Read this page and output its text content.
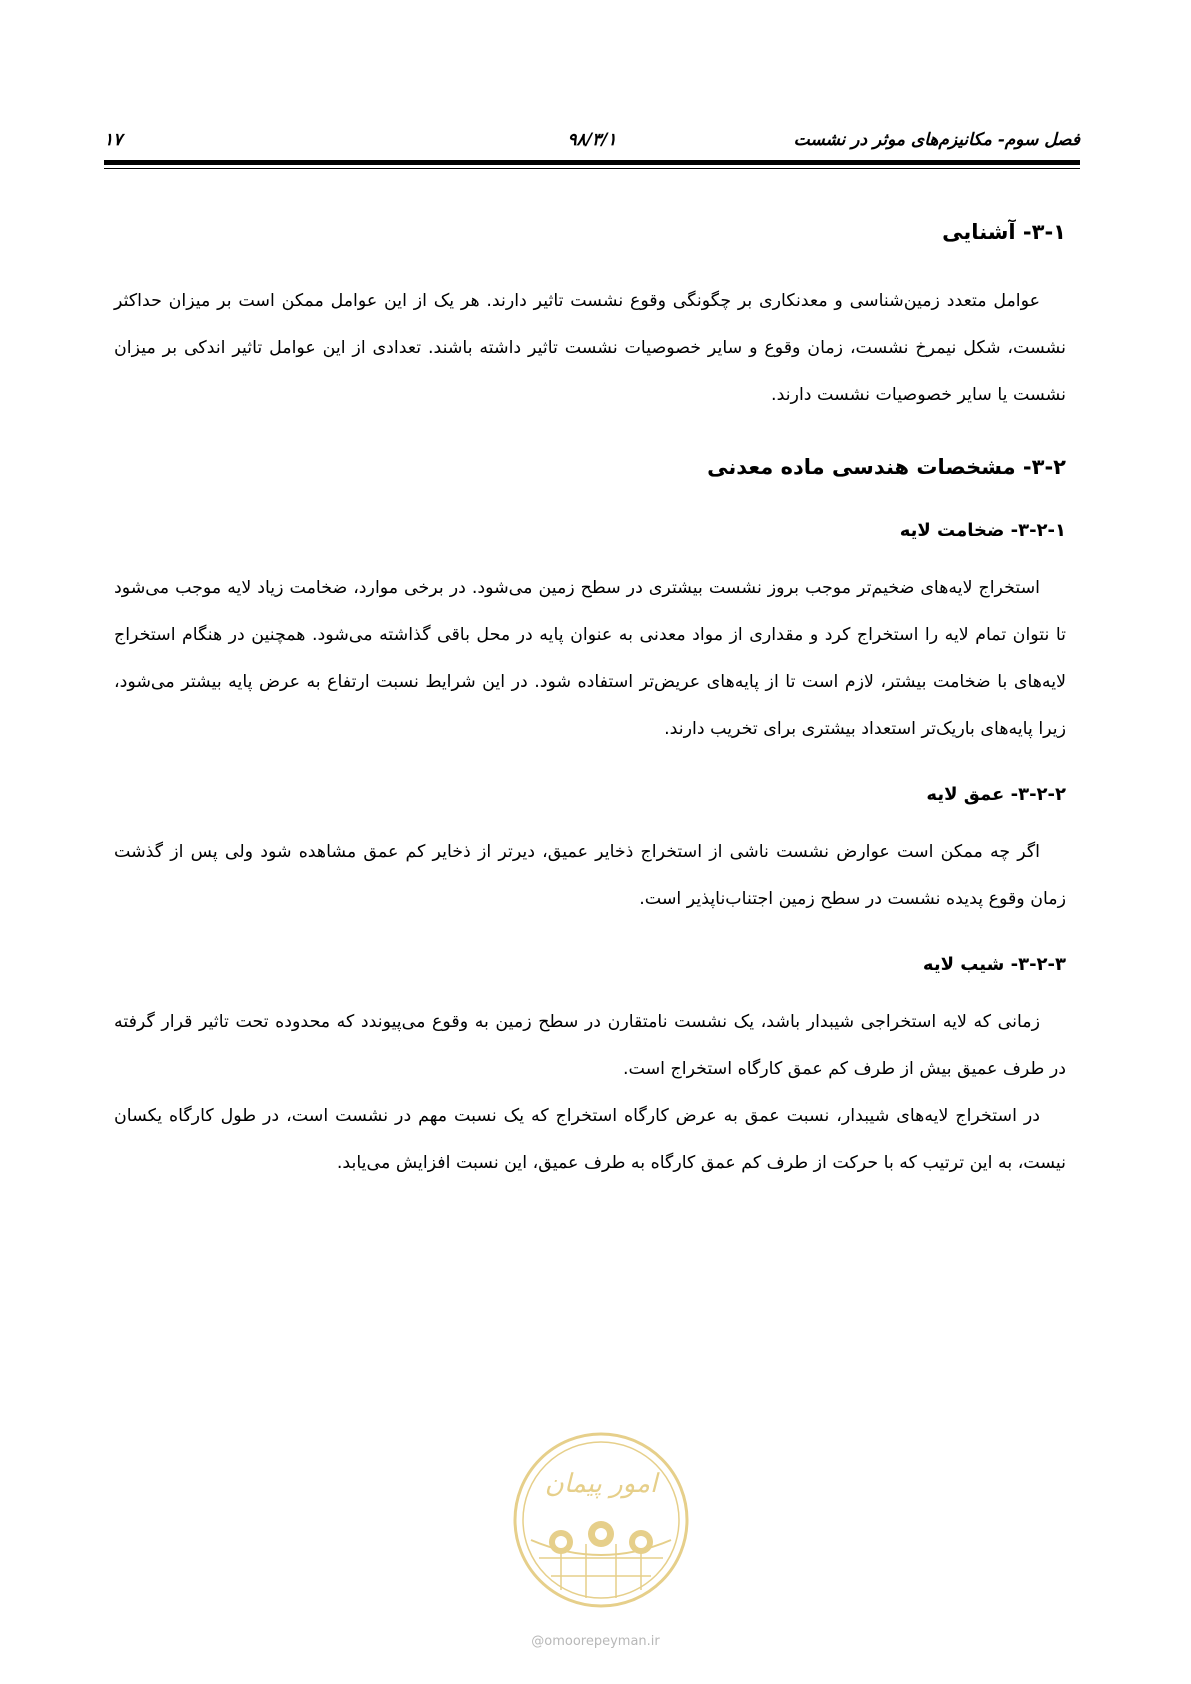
فصل سوم- مکانیزم‌های موثر در نشست
۹۸/۳/۱
۱۷
۳-۱- آشنایی

عوامل متعدد زمین‌شناسی و معدنکاری بر چگونگی وقوع نشست تاثیر دارند. هر یک از این عوامل ممکن است بر میزان حداکثر نشست، شکل نیمرخ نشست، زمان وقوع و سایر خصوصیات نشست تاثیر داشته باشند. تعدادی از این عوامل تاثیر اندکی بر میزان نشست یا سایر خصوصیات نشست دارند.

۳-۲- مشخصات هندسی ماده معدنی
۳-۲-۱- ضخامت لایه

استخراج لایه‌های ضخیم‌تر موجب بروز نشست بیشتری در سطح زمین می‌شود. در برخی موارد، ضخامت زیاد لایه موجب می‌شود تا نتوان تمام لایه را استخراج کرد و مقداری از مواد معدنی به عنوان پایه در محل باقی گذاشته می‌شود. همچنین در هنگام استخراج لایه‌های با ضخامت بیشتر، لازم است تا از پایه‌های عریض‌تر استفاده شود. در این شرایط نسبت ارتفاع به عرض پایه بیشتر می‌شود، زیرا پایه‌های باریک‌تر استعداد بیشتری برای تخریب دارند.

۳-۲-۲- عمق لایه

اگر چه ممکن است عوارض نشست ناشی از استخراج ذخایر عمیق، دیرتر از ذخایر کم عمق مشاهده شود ولی پس از گذشت زمان وقوع پدیده نشست در سطح زمین اجتناب‌ناپذیر است.

۳-۲-۳- شیب لایه

زمانی که لایه استخراجی شیبدار باشد، یک نشست نامتقارن در سطح زمین به وقوع می‌پیوندد که محدوده تحت تاثیر قرار گرفته در طرف عمیق بیش از طرف کم عمق کارگاه استخراج است.

در استخراج لایه‌های شیبدار، نسبت عمق به عرض کارگاه استخراج که یک نسبت مهم در نشست است، در طول کارگاه یکسان نیست، به این ترتیب که با حرکت از طرف کم عمق کارگاه به طرف عمیق، این نسبت افزایش می‌یابد.

امور پیمان
@omoorepeyman.ir
